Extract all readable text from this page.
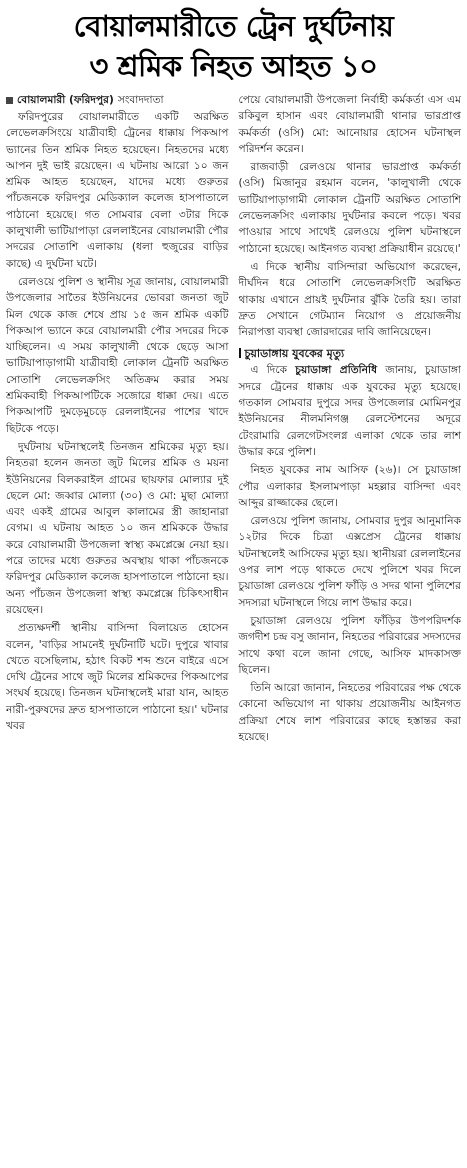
বোয়ালমারীতে ট্রেন দুর্ঘটনায়
৩ শ্রমিক নিহত আহত ১০
বোয়ালমারী (ফরিদপুর) সংবাদদাতা

ফরিদপুরের বোয়ালমারীতে একটি অরক্ষিত লেভেলক্রসিংয়ে যাত্রীবাহী ট্রেনের ধাক্কায় পিকআপ ভ্যানের তিন শ্রমিক নিহত হয়েছেন। নিহতদের মধ্যে আপন দুই ভাই রয়েছেন। এ ঘটনায় আরো ১০ জন শ্রমিক আহত হয়েছেন, যাদের মধ্যে গুরুতর পাঁচজনকে ফরিদপুর মেডিক্যাল কলেজ হাসপাতালে পাঠানো হয়েছে। গত সোমবার বেলা ৩টার দিকে কালুখালী ভাটিয়াপাড়া রেললাইনের বোয়ালমারী পৌর সদরের সোতাশি এলাকায় (ধলা হুজুরের বাড়ির কাছে) এ দুর্ঘটনা ঘটে।

রেলওয়ে পুলিশ ও স্থানীয় সূত্র জানায়, বোয়ালমারী উপজেলার সাতৈর ইউনিয়নের ভোবরা জনতা জুট মিল থেকে কাজ শেষে প্রায় ১৫ জন শ্রমিক একটি পিকআপ ভ্যানে করে বোয়ালমারী পৌর সদরের দিকে যাচ্ছিলেন। এ সময় কালুখালী থেকে ছেড়ে আসা ভাটিয়াপাড়াগামী যাত্রীবাহী লোকাল ট্রেনটি অরক্ষিত সোতাশি লেভেলক্রসিং অতিক্রম করার সময় শ্রমিকবাহী পিকআপটিকে সজোরে ধাক্কা দেয়। এতে পিকআপটি দুমড়েমুচড়ে রেললাইনের পাশের খাদে ছিটকে পড়ে।

দুর্ঘটনায় ঘটনাস্থলেই তিনজন শ্রমিকের মৃত্যু হয়। নিহতরা হলেন জনতা জুট মিলের শ্রমিক ও ময়না ইউনিয়নের বিলকরাইল গ্রামের ছায়ফার মোল্যার দুই ছেলে মো: জব্বার মোল্যা (৩০) ও মো: মুছা মোল্যা এবং একই গ্রামের আবুল কালামের স্ত্রী জাহানারা বেগম। এ ঘটনায় আহত ১০ জন শ্রমিককে উদ্ধার করে বোয়ালমারী উপজেলা স্বাস্থ্য কমপ্লেক্সে নেয়া হয়। পরে তাদের মধ্যে গুরুতর অবস্থায় থাকা পাঁচজনকে ফরিদপুর মেডিক্যাল কলেজ হাসপাতালে পাঠানো হয়। অন্য পাঁচজন উপজেলা স্বাস্থ্য কমপ্লেক্সে চিকিৎসাধীন রয়েছেন।

প্রত্যক্ষদর্শী স্থানীয় বাসিন্দা বিলায়েত হোসেন বলেন, 'বাড়ির সামনেই দুর্ঘটনাটি ঘটে। দুপুরে খাবার খেতে বসেছিলাম, হঠাৎ বিকট শব্দ শুনে বাইরে এসে দেখি ট্রেনের সাথে জুট মিলের শ্রমিকদের পিকআপের সংঘর্ষ হয়েছে। তিনজন ঘটনাস্থলেই মারা যান, আহত নারী-পুরুষদের দ্রুত হাসপাতালে পাঠানো হয়।' ঘটনার খবর

পেয়ে বোয়ালমারী উপজেলা নির্বাহী কর্মকর্তা এস এম রকিবুল হাসান এবং বোয়ালমারী থানার ভারপ্রাপ্ত কর্মকর্তা (ওসি) মো: আনোয়ার হোসেন ঘটনাস্থল পরিদর্শন করেন।

রাজবাড়ী রেলওয়ে থানার ভারপ্রাপ্ত কর্মকর্তা (ওসি) মিজানুর রহমান বলেন, 'কালুখালী থেকে ভাটিয়াপাড়াগামী লোকাল ট্রেনটি অরক্ষিত সোতাশি লেভেলক্রসিং এলাকায় দুর্ঘটনার কবলে পড়ে। খবর পাওয়ার সাথে সাথেই রেলওয়ে পুলিশ ঘটনাস্থলে পাঠানো হয়েছে। আইনগত ব্যবস্থা প্রক্রিয়াধীন রয়েছে।'

এ দিকে স্থানীয় বাসিন্দারা অভিযোগ করেছেন, দীর্ঘদিন ধরে সোতাশি লেভেলক্রসিংটি অরক্ষিত থাকায় এখানে প্রায়ই দুর্ঘটনার ঝুঁকি তৈরি হয়। তারা দ্রুত সেখানে গেটম্যান নিয়োগ ও প্রয়োজনীয় নিরাপত্তা ব্যবস্থা জোরদারের দাবি জানিয়েছেন।

চুয়াডাঙ্গায় যুবকের মৃত্যু

এ দিকে চুয়াডাঙ্গা প্রতিনিধি জানায়, চুয়াডাঙ্গা সদরে ট্রেনের ধাক্কায় এক যুবকের মৃত্যু হয়েছে। গতকাল সোমবার দুপুরে সদর উপজেলার মোমিনপুর ইউনিয়নের নীলমনিগঞ্জ রেলস্টেশনের অদূরে টেংরামারি রেলগেটসংলগ্ন এলাকা থেকে তার লাশ উদ্ধার করে পুলিশ।

নিহত যুবকের নাম আসিফ (২৬)। সে চুয়াডাঙ্গা পৌর এলাকার ইসলামপাড়া মহল্লার বাসিন্দা এবং আব্দুর রাজ্জাকের ছেলে।

রেলওয়ে পুলিশ জানায়, সোমবার দুপুর আনুমানিক ১২টার দিকে চিত্রা এক্সপ্রেস ট্রেনের ধাক্কায় ঘটনাস্থলেই আসিফের মৃত্যু হয়। স্থানীয়রা রেললাইনের ওপর লাশ পড়ে থাকতে দেখে পুলিশে খবর দিলে চুয়াডাঙ্গা রেলওয়ে পুলিশ ফাঁড়ি ও সদর থানা পুলিশের সদস্যরা ঘটনাস্থলে গিয়ে লাশ উদ্ধার করে।

চুয়াডাঙ্গা রেলওয়ে পুলিশ ফাঁড়ির উপপরিদর্শক জগদীশ চন্দ্র বসু জানান, নিহতের পরিবারের সদস্যদের সাথে কথা বলে জানা গেছে, আসিফ মাদকাসক্ত ছিলেন।

তিনি আরো জানান, নিহতের পরিবারের পক্ষ থেকে কোনো অভিযোগ না থাকায় প্রয়োজনীয় আইনগত প্রক্রিয়া শেষে লাশ পরিবারের কাছে হস্তান্তর করা হয়েছে।
